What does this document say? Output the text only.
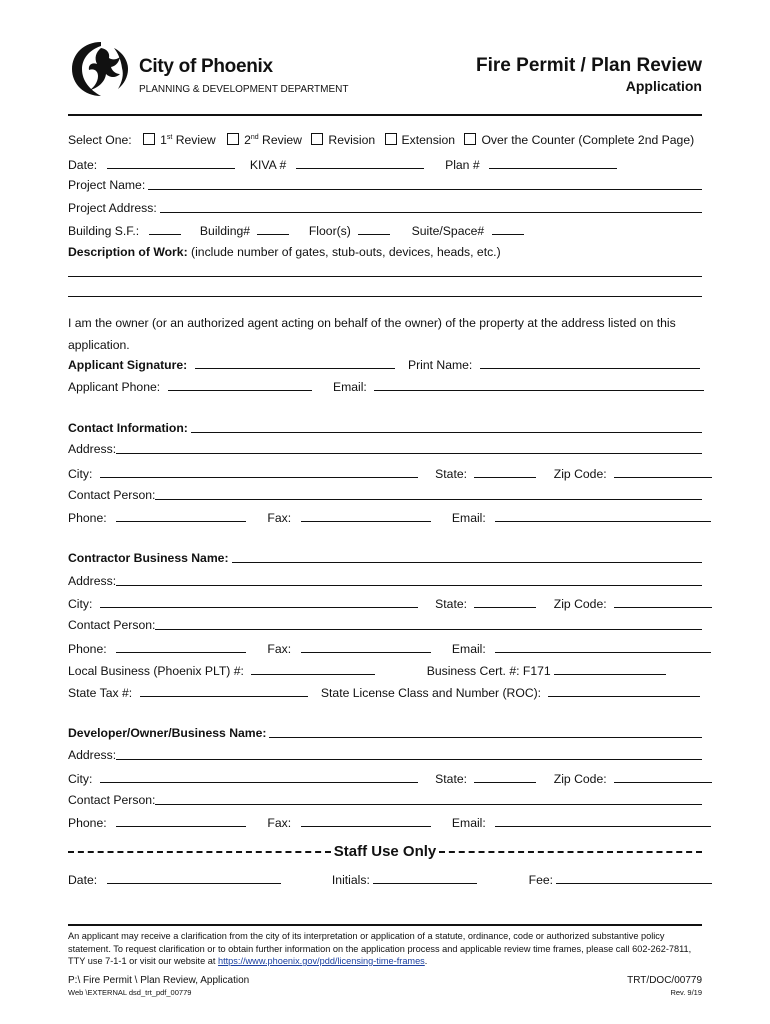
City of Phoenix
PLANNING & DEVELOPMENT DEPARTMENT
Fire Permit / Plan Review
Application
Select One: 1st Review 2nd Review Revision Extension Over the Counter (Complete 2nd Page)
Date:	KIVA #	Plan #
Project Name:
Project Address:
Building S.F.:	Building#	Floor(s)	Suite/Space#
Description of Work: (include number of gates, stub-outs, devices, heads, etc.)
I am the owner (or an authorized agent acting on behalf of the owner) of the property at the address listed on this application.
Applicant Signature:	Print Name:
Applicant Phone:	Email:
Contact Information:
Address:
City:	State:	Zip Code:
Contact Person:
Phone:	Fax:	Email:
Contractor Business Name:
Address:
City:	State:	Zip Code:
Contact Person:
Phone:	Fax:	Email:
Local Business (Phoenix PLT) #:	Business Cert. #: F171
State Tax #:	State License Class and Number (ROC):
Developer/Owner/Business Name:
Address:
City:	State:	Zip Code:
Contact Person:
Phone:	Fax:	Email:
Staff Use Only
Date:	Initials:	Fee:
An applicant may receive a clarification from the city of its interpretation or application of a statute, ordinance, code or authorized substantive policy statement. To request clarification or to obtain further information on the application process and applicable review time frames, please call 602-262-7811, TTY use 7-1-1 or visit our website at https://www.phoenix.gov/pdd/licensing-time-frames.
P:\ Fire Permit \ Plan Review, Application
Web \EXTERNAL dsd_trt_pdf_00779
TRT/DOC/00779
Rev. 9/19
